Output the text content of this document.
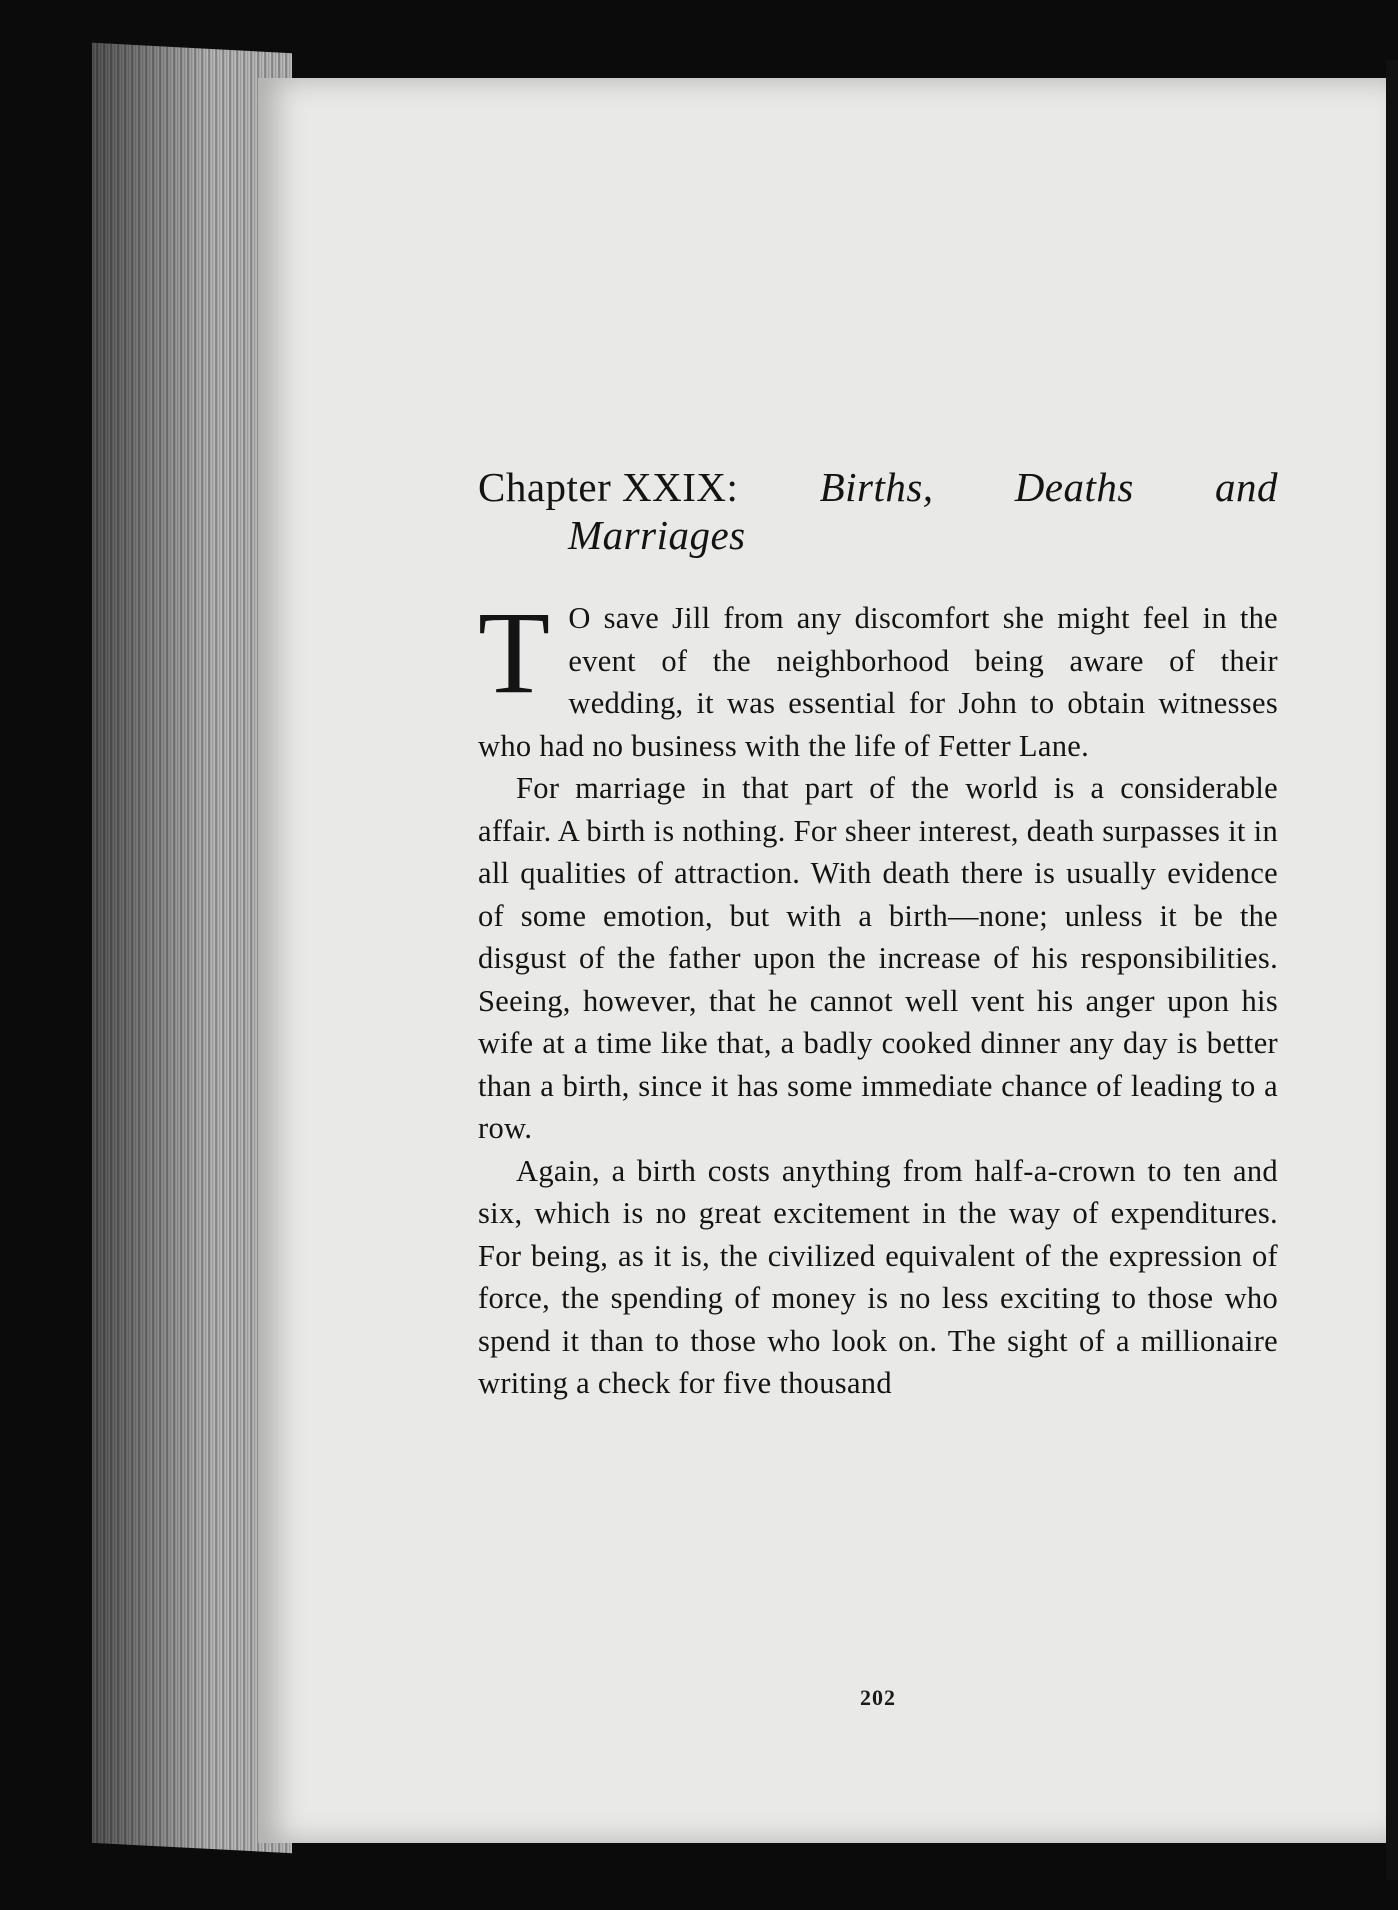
Chapter XXIX: Births, Deaths and
Marriages

T O save Jill from any discomfort she might feel in the event of the neighborhood being aware of their wedding, it was essential for John to obtain witnesses who had no business with the life of Fetter Lane.

For marriage in that part of the world is a considerable affair. A birth is nothing. For sheer interest, death surpasses it in all qualities of attraction. With death there is usually evidence of some emotion, but with a birth—none; unless it be the disgust of the father upon the increase of his responsibilities. Seeing, however, that he cannot well vent his anger upon his wife at a time like that, a badly cooked dinner any day is better than a birth, since it has some immediate chance of leading to a row.

Again, a birth costs anything from half-a-crown to ten and six, which is no great excitement in the way of expenditures. For being, as it is, the civilized equivalent of the expression of force, the spending of money is no less exciting to those who spend it than to those who look on. The sight of a millionaire writing a check for five thousand

202
